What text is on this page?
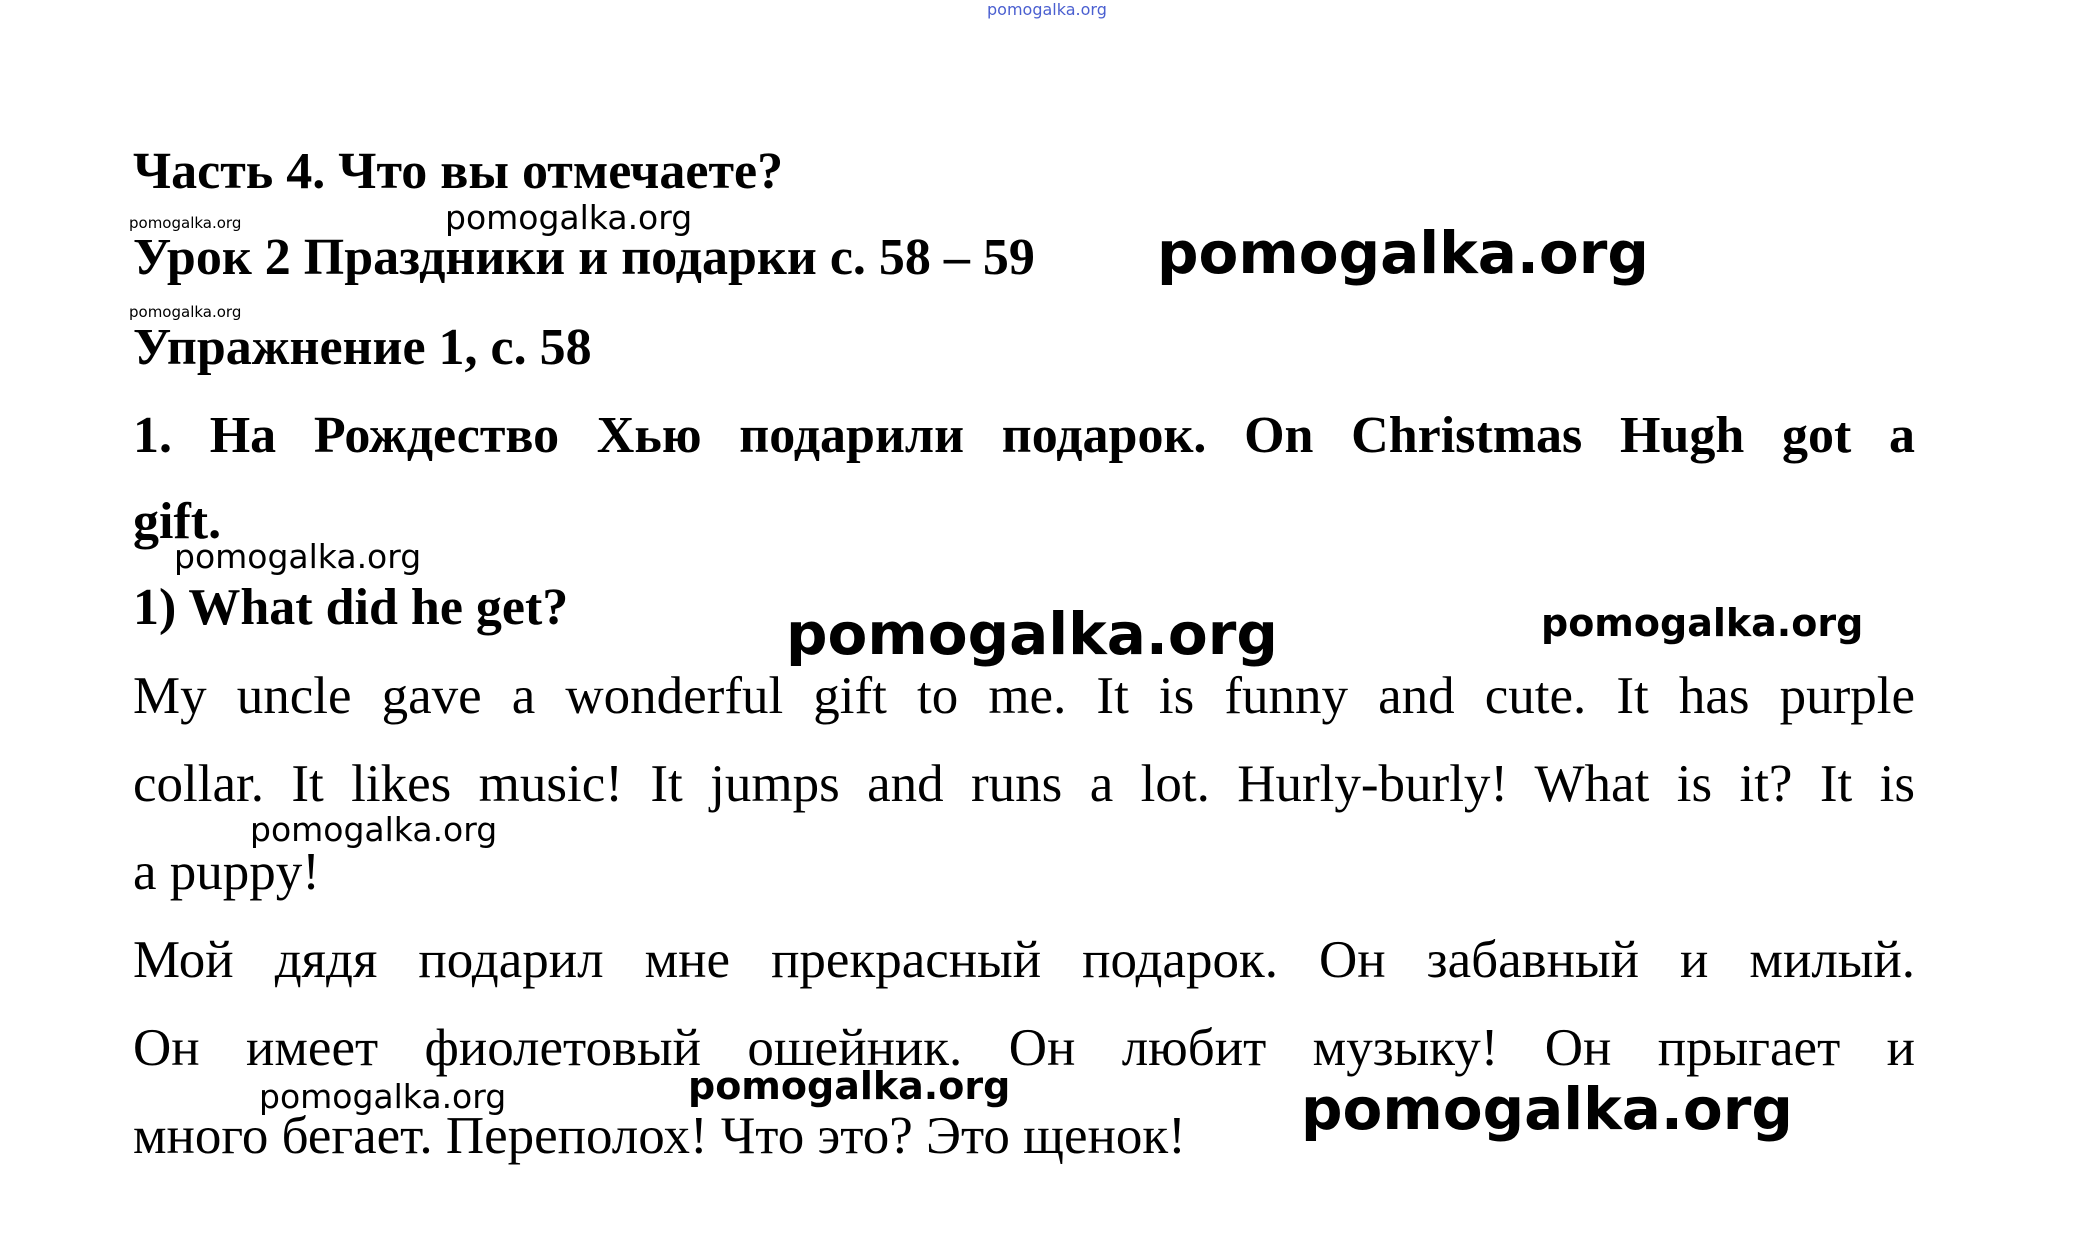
pomogalka.org
Часть 4. Что вы отмечаете?
pomogalka.org	pomogalka.org
Урок 2 Праздники и подарки с. 58 – 59 pomogalka.org
pomogalka.org
Упражнение 1, с. 58
1. На Рождество Хью подарили подарок. On Christmas Hugh got a
gift.
pomogalka.org
1) What did he get?	pomogalka.org	pomogalka.org
My uncle gave a wonderful gift to me. It is funny and cute. It has purple
collar. It likes music! It jumps and runs a lot. Hurly-burly! What is it? It is
pomogalka.org
a puppy!
Мой дядя подарил мне прекрасный подарок. Он забавный и милый.
Он имеет фиолетовый ошейник. Он любит музыку! Он прыгает и
pomogalka.org	pomogalka.org
много бегает. Переполох! Что это? Это щенок! pomogalka.org
